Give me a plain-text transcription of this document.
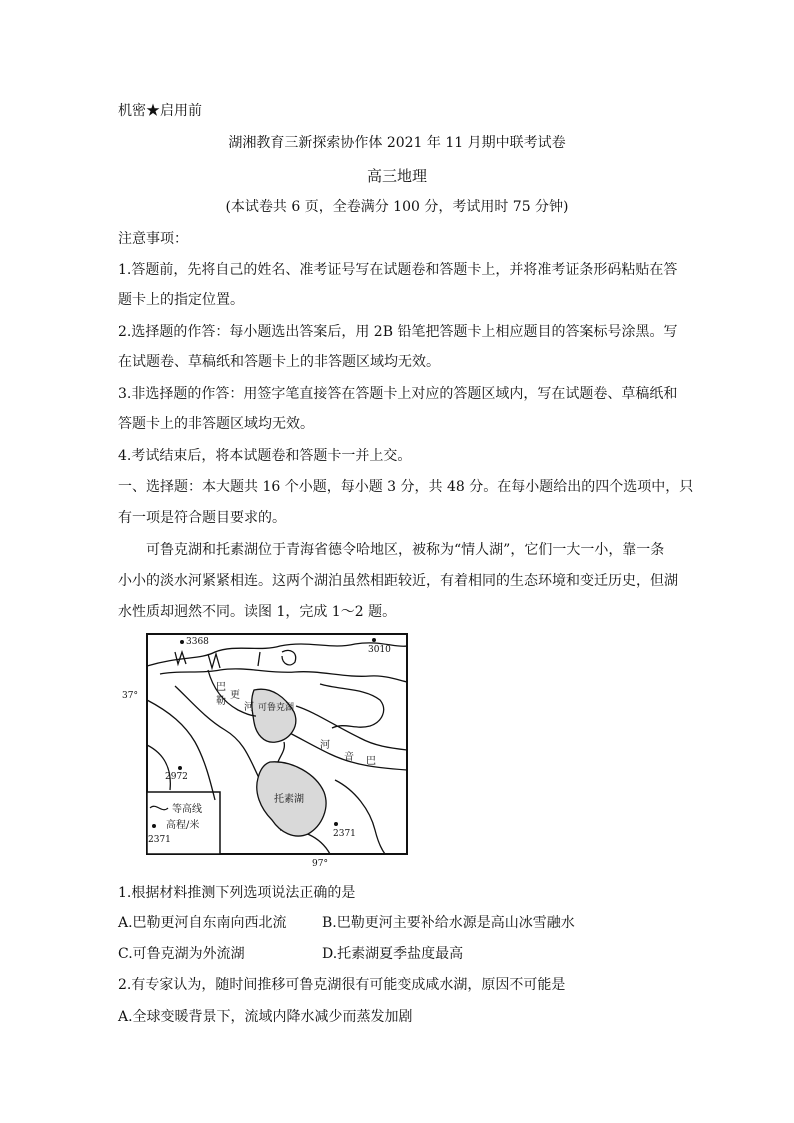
机密★启用前
湖湘教育三新探索协作体 2021 年 11 月期中联考试卷
高三地理
(本试卷共 6 页，全卷满分 100 分，考试用时 75 分钟)
注意事项：
1.答题前，先将自己的姓名、准考证号写在试题卷和答题卡上，并将准考证条形码粘贴在答
题卡上的指定位置。
2.选择题的作答：每小题选出答案后，用 2B 铅笔把答题卡上相应题目的答案标号涂黑。写
在试题卷、草稿纸和答题卡上的非答题区域均无效。
3.非选择题的作答：用签字笔直接答在答题卡上对应的答题区域内，写在试题卷、草稿纸和
答题卡上的非答题区域均无效。
4.考试结束后，将本试题卷和答题卡一并上交。
一、选择题：本大题共 16 个小题，每小题 3 分，共 48 分。在每小题给出的四个选项中，只
有一项是符合题目要求的。
可鲁克湖和托素湖位于青海省德令哈地区，被称为“情人湖”，它们一大一小，靠一条
小小的淡水河紧紧相连。这两个湖泊虽然相距较近，有着相同的生态环境和变迁历史，但湖
水性质却迥然不同。读图 1，完成 1～2 题。
3368
3010
2972
2371
37°
97°
巴
勒
更
河 可鲁克湖
河
音 巴
托素湖
等高线
高程/米
2371
1.根据材料推测下列选项说法正确的是
A.巴勒更河自东南向西北流	B.巴勒更河主要补给水源是高山冰雪融水
C.可鲁克湖为外流湖	D.托素湖夏季盐度最高
2.有专家认为，随时间推移可鲁克湖很有可能变成咸水湖，原因不可能是
A.全球变暖背景下，流域内降水减少而蒸发加剧
